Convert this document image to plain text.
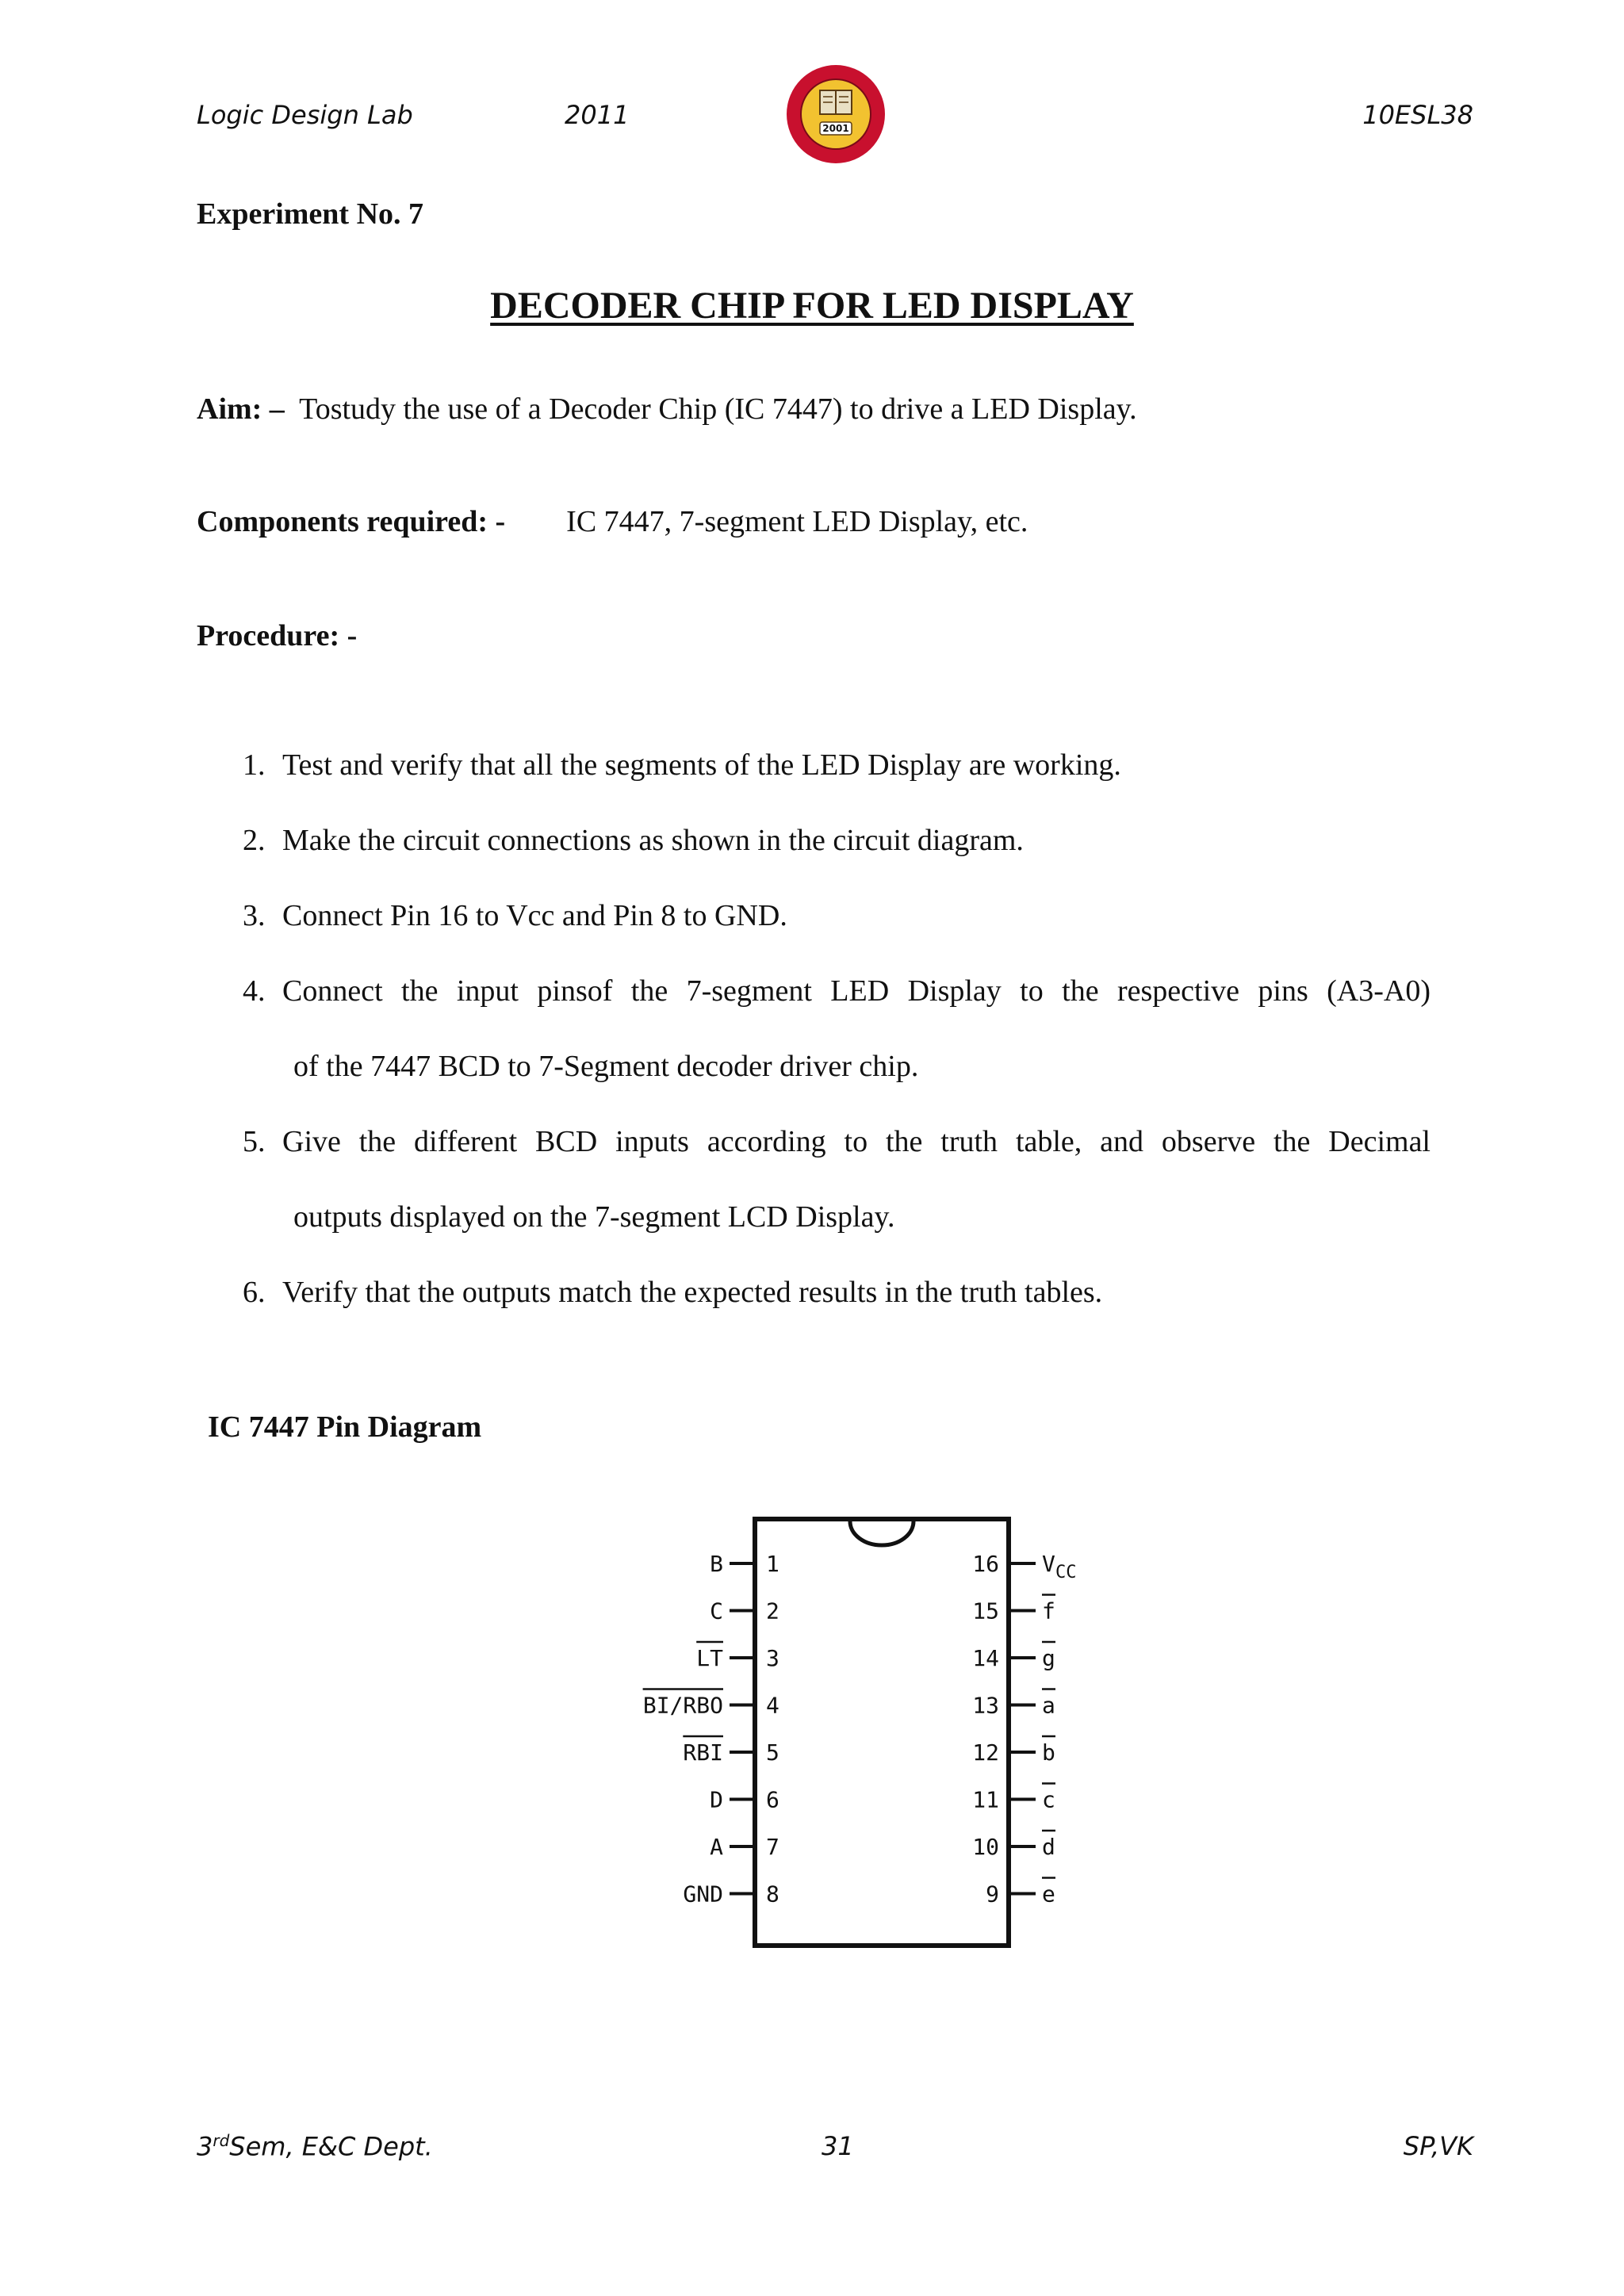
Logic Design Lab	2011	10ESL38
2001
Experiment No. 7
DECODER CHIP FOR LED DISPLAY
Aim: – Tostudy the use of a Decoder Chip (IC 7447) to drive a LED Display.
Components required: - IC 7447, 7-segment LED Display, etc.
Procedure: -
1. Test and verify that all the segments of the LED Display are working.
2. Make the circuit connections as shown in the circuit diagram.
3. Connect Pin 16 to Vcc and Pin 8 to GND.
4. Connect the input pinsof the 7-segment LED Display to the respective pins (A3-A0)
of the 7447 BCD to 7-Segment decoder driver chip.
5. Give the different BCD inputs according to the truth table, and observe the Decimal
outputs displayed on the 7-segment LCD Display.
6. Verify that the outputs match the expected results in the truth tables.
IC 7447 Pin Diagram
1
B
2
C
3
LT
4
BI/RBO
5
RBI
6
D
7
A
8
GND
16 V CC
15 f
14 g
13 a
12 b
11 c
10 d
9 e
3rdSem, E&C Dept.	31	SP,VK
